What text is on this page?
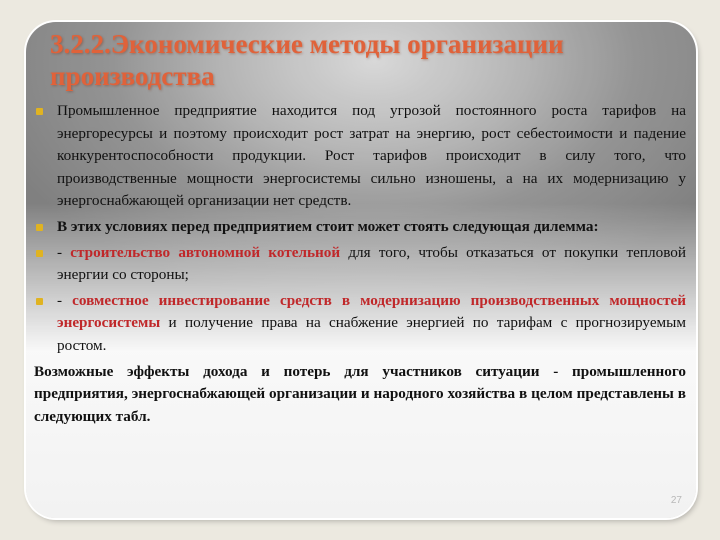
3.2.2.Экономические методы организации производства
Промышленное предприятие находится под угрозой постоянного роста тарифов на энергоресурсы и поэтому происходит рост затрат на энергию, рост себестоимости и падение конкурентоспособности продукции. Рост тарифов происходит в силу того, что производственные мощности энергосистемы сильно изношены, а на их модернизацию у энергоснабжающей организации нет средств.
В этих условиях перед предприятием стоит может стоять следующая дилемма:
- строительство автономной котельной для того, чтобы отказаться от покупки тепловой энергии со стороны;
- совместное инвестирование средств в модернизацию производственных мощностей энергосистемы и получение права на снабжение энергией по тарифам с прогнозируемым ростом.

Возможные эффекты дохода и потерь для участников ситуации - промышленного предприятия, энергоснабжающей организации и народного хозяйства в целом представлены в следующих табл.

27
